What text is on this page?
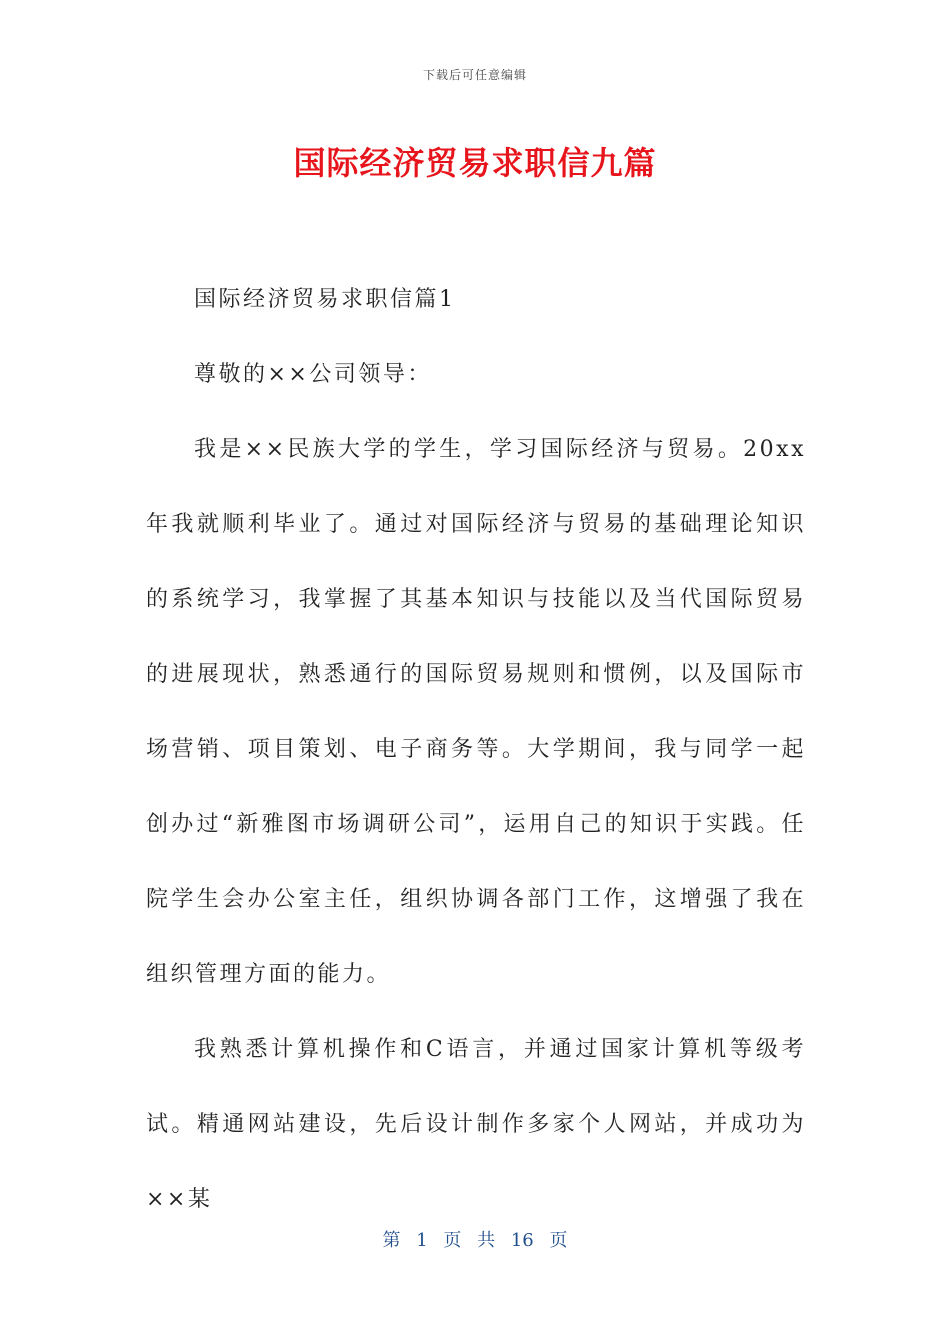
下载后可任意编辑
国际经济贸易求职信九篇

国际经济贸易求职信篇1

尊敬的××公司领导：

我是××民族大学的学生，学习国际经济与贸易。20xx年我就顺利毕业了。通过对国际经济与贸易的基础理论知识的系统学习，我掌握了其基本知识与技能以及当代国际贸易的进展现状，熟悉通行的国际贸易规则和惯例，以及国际市场营销、项目策划、电子商务等。大学期间，我与同学一起创办过“新雅图市场调研公司”，运用自己的知识于实践。任院学生会办公室主任，组织协调各部门工作，这增强了我在组织管理方面的能力。

我熟悉计算机操作和C语言，并通过国家计算机等级考试。精通网站建设，先后设计制作多家个人网站，并成功为××某

第 1 页 共 16 页
